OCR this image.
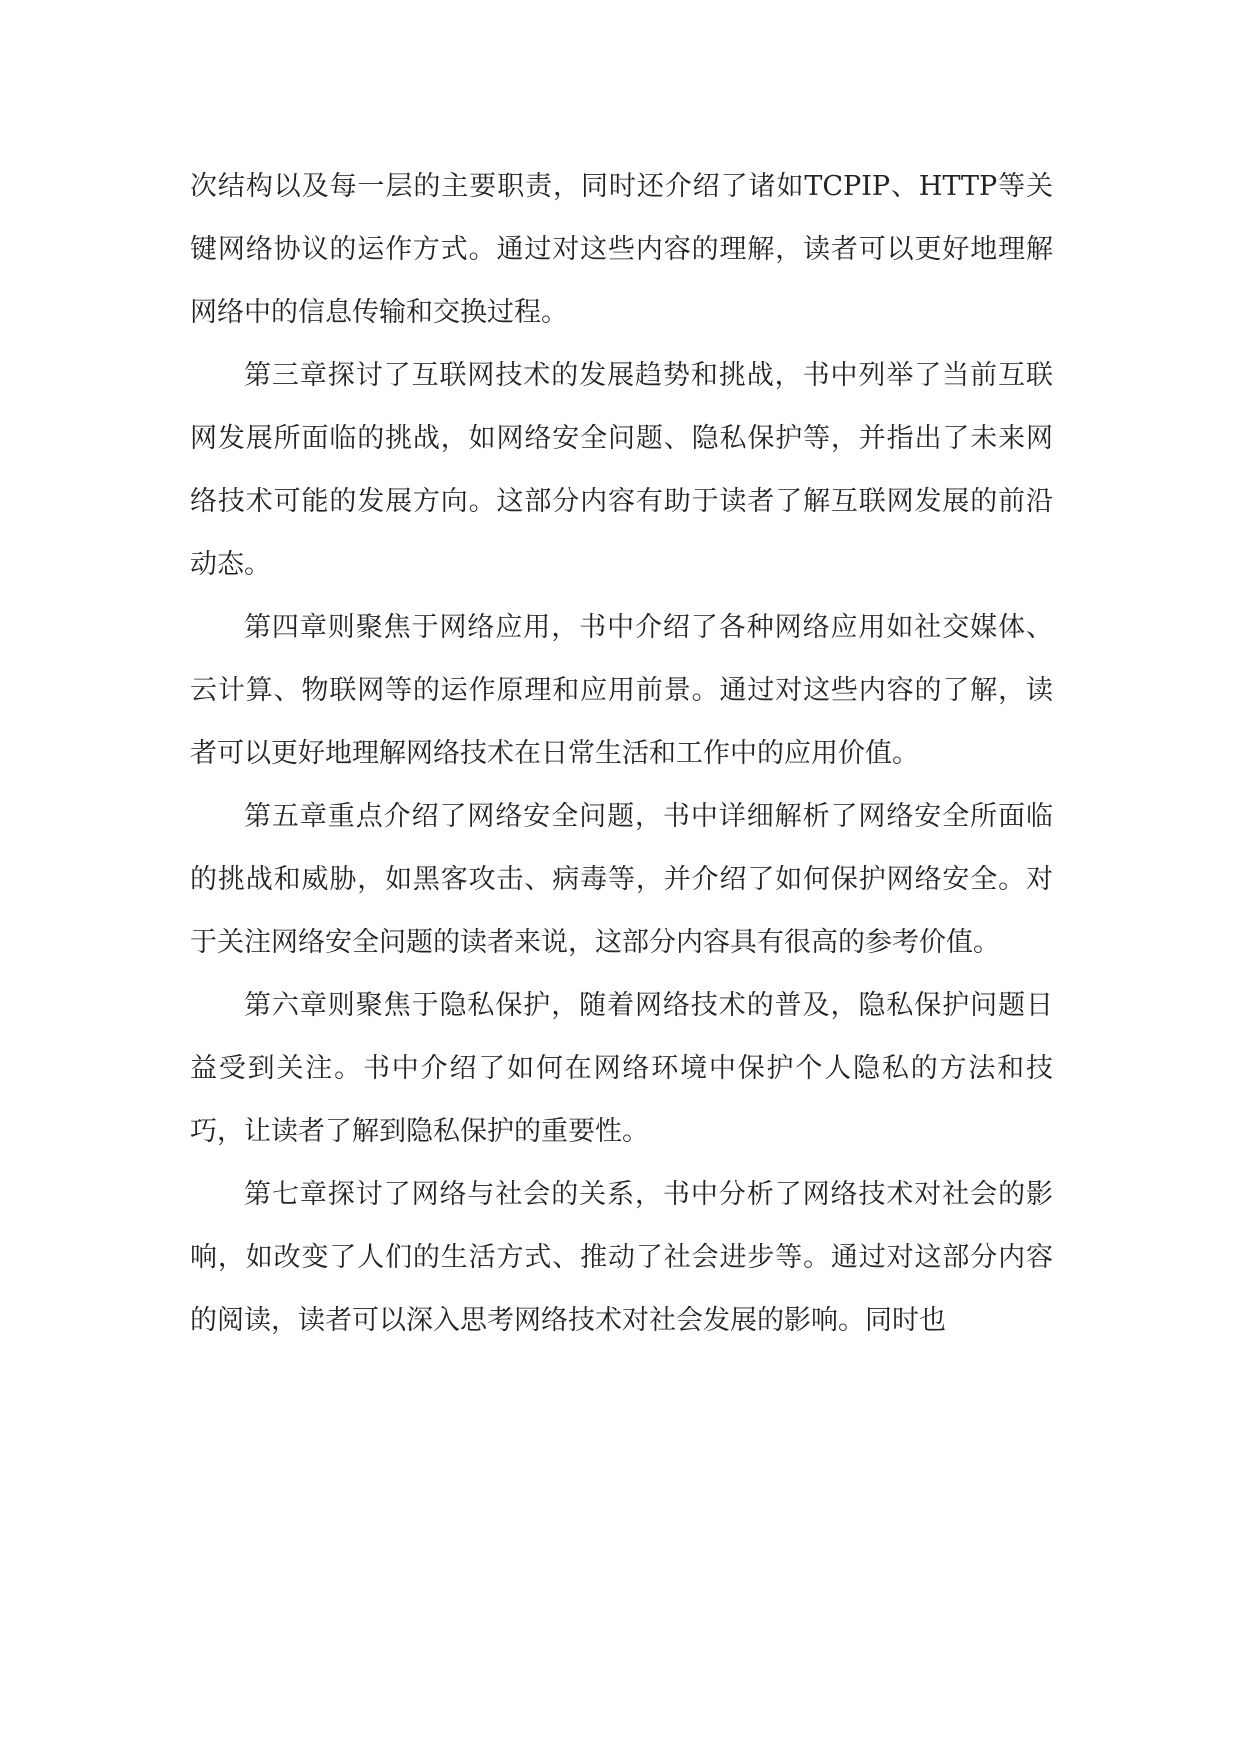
次结构以及每一层的主要职责，同时还介绍了诸如TCPIP、HTTP等关键网络协议的运作方式。通过对这些内容的理解，读者可以更好地理解网络中的信息传输和交换过程。

第三章探讨了互联网技术的发展趋势和挑战，书中列举了当前互联网发展所面临的挑战，如网络安全问题、隐私保护等，并指出了未来网络技术可能的发展方向。这部分内容有助于读者了解互联网发展的前沿动态。

第四章则聚焦于网络应用，书中介绍了各种网络应用如社交媒体、云计算、物联网等的运作原理和应用前景。通过对这些内容的了解，读者可以更好地理解网络技术在日常生活和工作中的应用价值。

第五章重点介绍了网络安全问题，书中详细解析了网络安全所面临的挑战和威胁，如黑客攻击、病毒等，并介绍了如何保护网络安全。对于关注网络安全问题的读者来说，这部分内容具有很高的参考价值。

第六章则聚焦于隐私保护，随着网络技术的普及，隐私保护问题日益受到关注。书中介绍了如何在网络环境中保护个人隐私的方法和技巧，让读者了解到隐私保护的重要性。

第七章探讨了网络与社会的关系，书中分析了网络技术对社会的影响，如改变了人们的生活方式、推动了社会进步等。通过对这部分内容的阅读，读者可以深入思考网络技术对社会发展的影响。同时也
